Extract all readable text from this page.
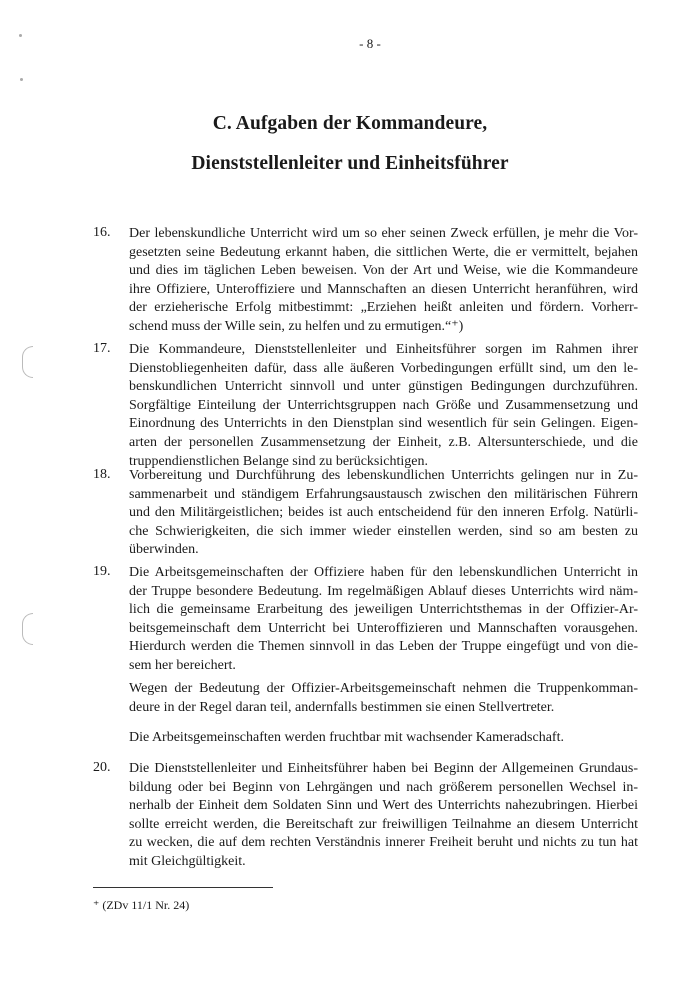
- 8 -
C. Aufgaben der Kommandeure,
Dienststellenleiter und Einheitsführer
16. Der lebenskundliche Unterricht wird um so eher seinen Zweck erfüllen, je mehr die Vor-
gesetzten seine Bedeutung erkannt haben, die sittlichen Werte, die er vermittelt, bejahen
und dies im täglichen Leben beweisen. Von der Art und Weise, wie die Kommandeure
ihre Offiziere, Unteroffiziere und Mannschaften an diesen Unterricht heranführen, wird
der erzieherische Erfolg mitbestimmt: „Erziehen heißt anleiten und fördern. Vorherr-
schend muss der Wille sein, zu helfen und zu ermutigen.“⁺)
17. Die Kommandeure, Dienststellenleiter und Einheitsführer sorgen im Rahmen ihrer
Dienstobliegenheiten dafür, dass alle äußeren Vorbedingungen erfüllt sind, um den le-
benskundlichen Unterricht sinnvoll und unter günstigen Bedingungen durchzuführen.
Sorgfältige Einteilung der Unterrichtsgruppen nach Größe und Zusammensetzung und
Einordnung des Unterrichts in den Dienstplan sind wesentlich für sein Gelingen. Eigen-
arten der personellen Zusammensetzung der Einheit, z.B. Altersunterschiede, und die
truppendienstlichen Belange sind zu berücksichtigen.
18. Vorbereitung und Durchführung des lebenskundlichen Unterrichts gelingen nur in Zu-
sammenarbeit und ständigem Erfahrungsaustausch zwischen den militärischen Führern
und den Militärgeistlichen; beides ist auch entscheidend für den inneren Erfolg. Natürli-
che Schwierigkeiten, die sich immer wieder einstellen werden, sind so am besten zu
überwinden.
19. Die Arbeitsgemeinschaften der Offiziere haben für den lebenskundlichen Unterricht in
der Truppe besondere Bedeutung. Im regelmäßigen Ablauf dieses Unterrichts wird näm-
lich die gemeinsame Erarbeitung des jeweiligen Unterrichtsthemas in der Offizier-Ar-
beitsgemeinschaft dem Unterricht bei Unteroffizieren und Mannschaften vorausgehen.
Hierdurch werden die Themen sinnvoll in das Leben der Truppe eingefügt und von die-
sem her bereichert.
Wegen der Bedeutung der Offizier-Arbeitsgemeinschaft nehmen die Truppenkomman-
deure in der Regel daran teil, andernfalls bestimmen sie einen Stellvertreter.
Die Arbeitsgemeinschaften werden fruchtbar mit wachsender Kameradschaft.
20. Die Dienststellenleiter und Einheitsführer haben bei Beginn der Allgemeinen Grundaus-
bildung oder bei Beginn von Lehrgängen und nach größerem personellen Wechsel in-
nerhalb der Einheit dem Soldaten Sinn und Wert des Unterrichts nahezubringen. Hierbei
sollte erreicht werden, die Bereitschaft zur freiwilligen Teilnahme an diesem Unterricht
zu wecken, die auf dem rechten Verständnis innerer Freiheit beruht und nichts zu tun hat
mit Gleichgültigkeit.
⁺ (ZDv 11/1 Nr. 24)
